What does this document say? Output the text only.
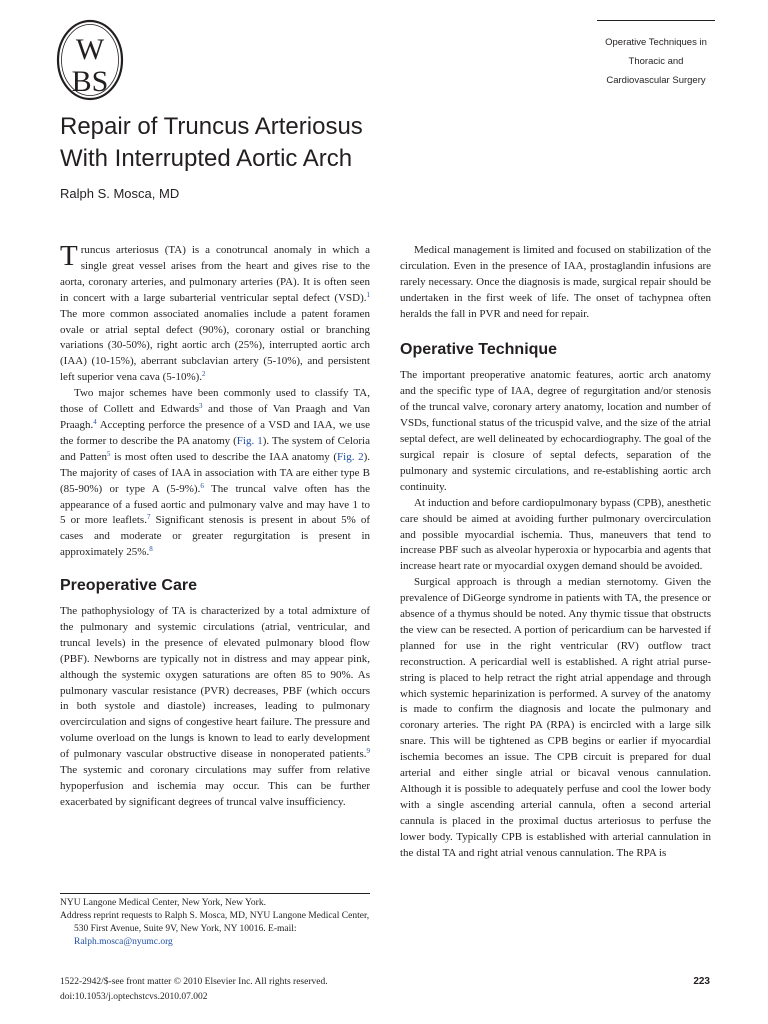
W
BS
Operative Techniques in
Thoracic and
Cardiovascular Surgery
Repair of Truncus Arteriosus
With Interrupted Aortic Arch
Ralph S. Mosca, MD

Truncus arteriosus (TA) is a conotruncal anomaly in which a single great vessel arises from the heart and gives rise to the aorta, coronary arteries, and pulmonary arteries (PA). It is often seen in concert with a large subarterial ventricular septal defect (VSD).$^1$ The more common associated anomalies include a patent foramen ovale or atrial septal defect (90%), coronary ostial or branching variations (30-50%), right aortic arch (25%), interrupted aortic arch (IAA) (10-15%), aberrant subclavian artery (5-10%), and persistent left superior vena cava (5-10%).$^2$

Two major schemes have been commonly used to classify TA, those of Collett and Edwards$^3$ and those of Van Praagh and Van Praagh.$^4$ Accepting perforce the presence of a VSD and IAA, we use the former to describe the PA anatomy (Fig. 1). The system of Celoria and Patten$^5$ is most often used to describe the IAA anatomy (Fig. 2). The majority of cases of IAA in association with TA are either type B (85-90%) or type A (5-9%).$^6$ The truncal valve often has the appearance of a fused aortic and pulmonary valve and may have 1 to 5 or more leaflets.$^7$ Significant stenosis is present in about 5% of cases and moderate or greater regurgitation is present in approximately 25%.$^8$

Preoperative Care

The pathophysiology of TA is characterized by a total admixture of the pulmonary and systemic circulations (atrial, ventricular, and truncal levels) in the presence of elevated pulmonary blood flow (PBF). Newborns are typically not in distress and may appear pink, although the systemic oxygen saturations are often 85 to 90%. As pulmonary vascular resistance (PVR) decreases, PBF (which occurs in both systole and diastole) increases, leading to pulmonary overcirculation and signs of congestive heart failure. The pressure and volume overload on the lungs is known to lead to early development of pulmonary vascular obstructive disease in nonoperated patients.$^9$ The systemic and coronary circulations may suffer from relative hypoperfusion and ischemia may occur. This can be further exacerbated by significant degrees of truncal valve insufficiency.

Medical management is limited and focused on stabilization of the circulation. Even in the presence of IAA, prostaglandin infusions are rarely necessary. Once the diagnosis is made, surgical repair should be undertaken in the first week of life. The onset of tachypnea often heralds the fall in PVR and need for repair.

Operative Technique

The important preoperative anatomic features, aortic arch anatomy and the specific type of IAA, degree of regurgitation and/or stenosis of the truncal valve, coronary artery anatomy, location and number of VSDs, functional status of the tricuspid valve, and the size of the atrial septal defect, are well delineated by echocardiography. The goal of the surgical repair is closure of septal defects, separation of the pulmonary and systemic circulations, and re-establishing aortic arch continuity.

At induction and before cardiopulmonary bypass (CPB), anesthetic care should be aimed at avoiding further pulmonary overcirculation and possible myocardial ischemia. Thus, maneuvers that tend to increase PBF such as alveolar hyperoxia or hypocarbia and agents that increase heart rate or myocardial oxygen demand should be avoided.

Surgical approach is through a median sternotomy. Given the prevalence of DiGeorge syndrome in patients with TA, the presence or absence of a thymus should be noted. Any thymic tissue that obstructs the view can be resected. A portion of pericardium can be harvested if planned for use in the right ventricular (RV) outflow tract reconstruction. A pericardial well is established. A right atrial purse-string is placed to help retract the right atrial appendage and through which systemic heparinization is performed. A survey of the anatomy is made to confirm the diagnosis and locate the pulmonary and coronary arteries. The right PA (RPA) is encircled with a large silk snare. This will be tightened as CPB begins or earlier if myocardial ischemia becomes an issue. The CPB circuit is prepared for dual arterial and either single atrial or bicaval venous cannulation. Although it is possible to adequately perfuse and cool the lower body with a single ascending arterial cannula, often a second arterial cannula is placed in the proximal ductus arteriosus to perfuse the lower body. Typically CPB is established with arterial cannulation in the distal TA and right atrial venous cannulation. The RPA is

NYU Langone Medical Center, New York, New York.

Address reprint requests to Ralph S. Mosca, MD, NYU Langone Medical Center, 530 First Avenue, Suite 9V, New York, NY 10016. E-mail: Ralph.mosca@nyumc.org

1522-2942/$-see front matter © 2010 Elsevier Inc. All rights reserved.

doi:10.1053/j.optechstcvs.2010.07.002

223
